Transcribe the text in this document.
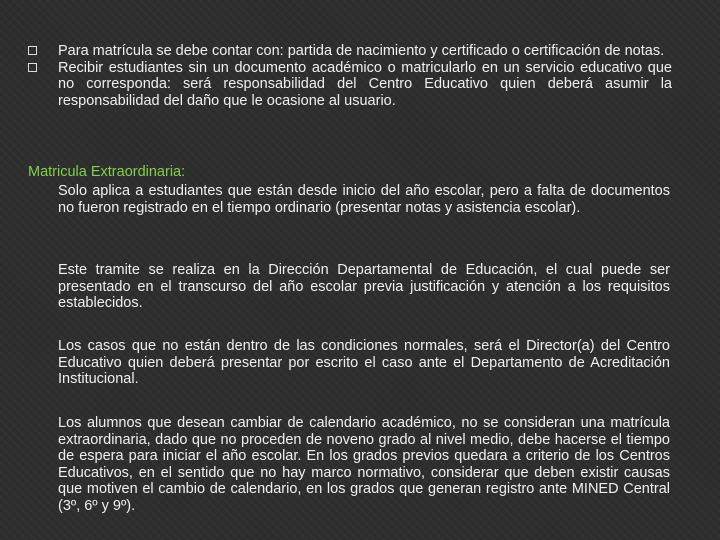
Para matrícula se debe contar con: partida de nacimiento y certificado o certificación de notas.
Recibir estudiantes sin un documento académico o matricularlo en un servicio educativo que no corresponda: será responsabilidad del Centro Educativo quien deberá asumir la responsabilidad del daño que le ocasione al usuario.
Matricula Extraordinaria:

Solo aplica a estudiantes que están desde inicio del año escolar, pero a falta de documentos no fueron registrado en el tiempo ordinario (presentar notas y asistencia escolar).

Este tramite se realiza en la Dirección Departamental de Educación, el cual puede ser presentado en el transcurso del año escolar previa justificación y atención a los requisitos establecidos.

Los casos que no están dentro de las condiciones normales, será el Director(a) del Centro Educativo quien deberá presentar por escrito el caso ante el Departamento de Acreditación Institucional.

Los alumnos que desean cambiar de calendario académico, no se consideran una matrícula extraordinaria, dado que no proceden de noveno grado al nivel medio, debe hacerse el tiempo de espera para iniciar el año escolar. En los grados previos quedara a criterio de los Centros Educativos, en el sentido que no hay marco normativo, considerar que deben existir causas que motiven el cambio de calendario, en los grados que generan registro ante MINED Central (3º, 6º y 9º).
